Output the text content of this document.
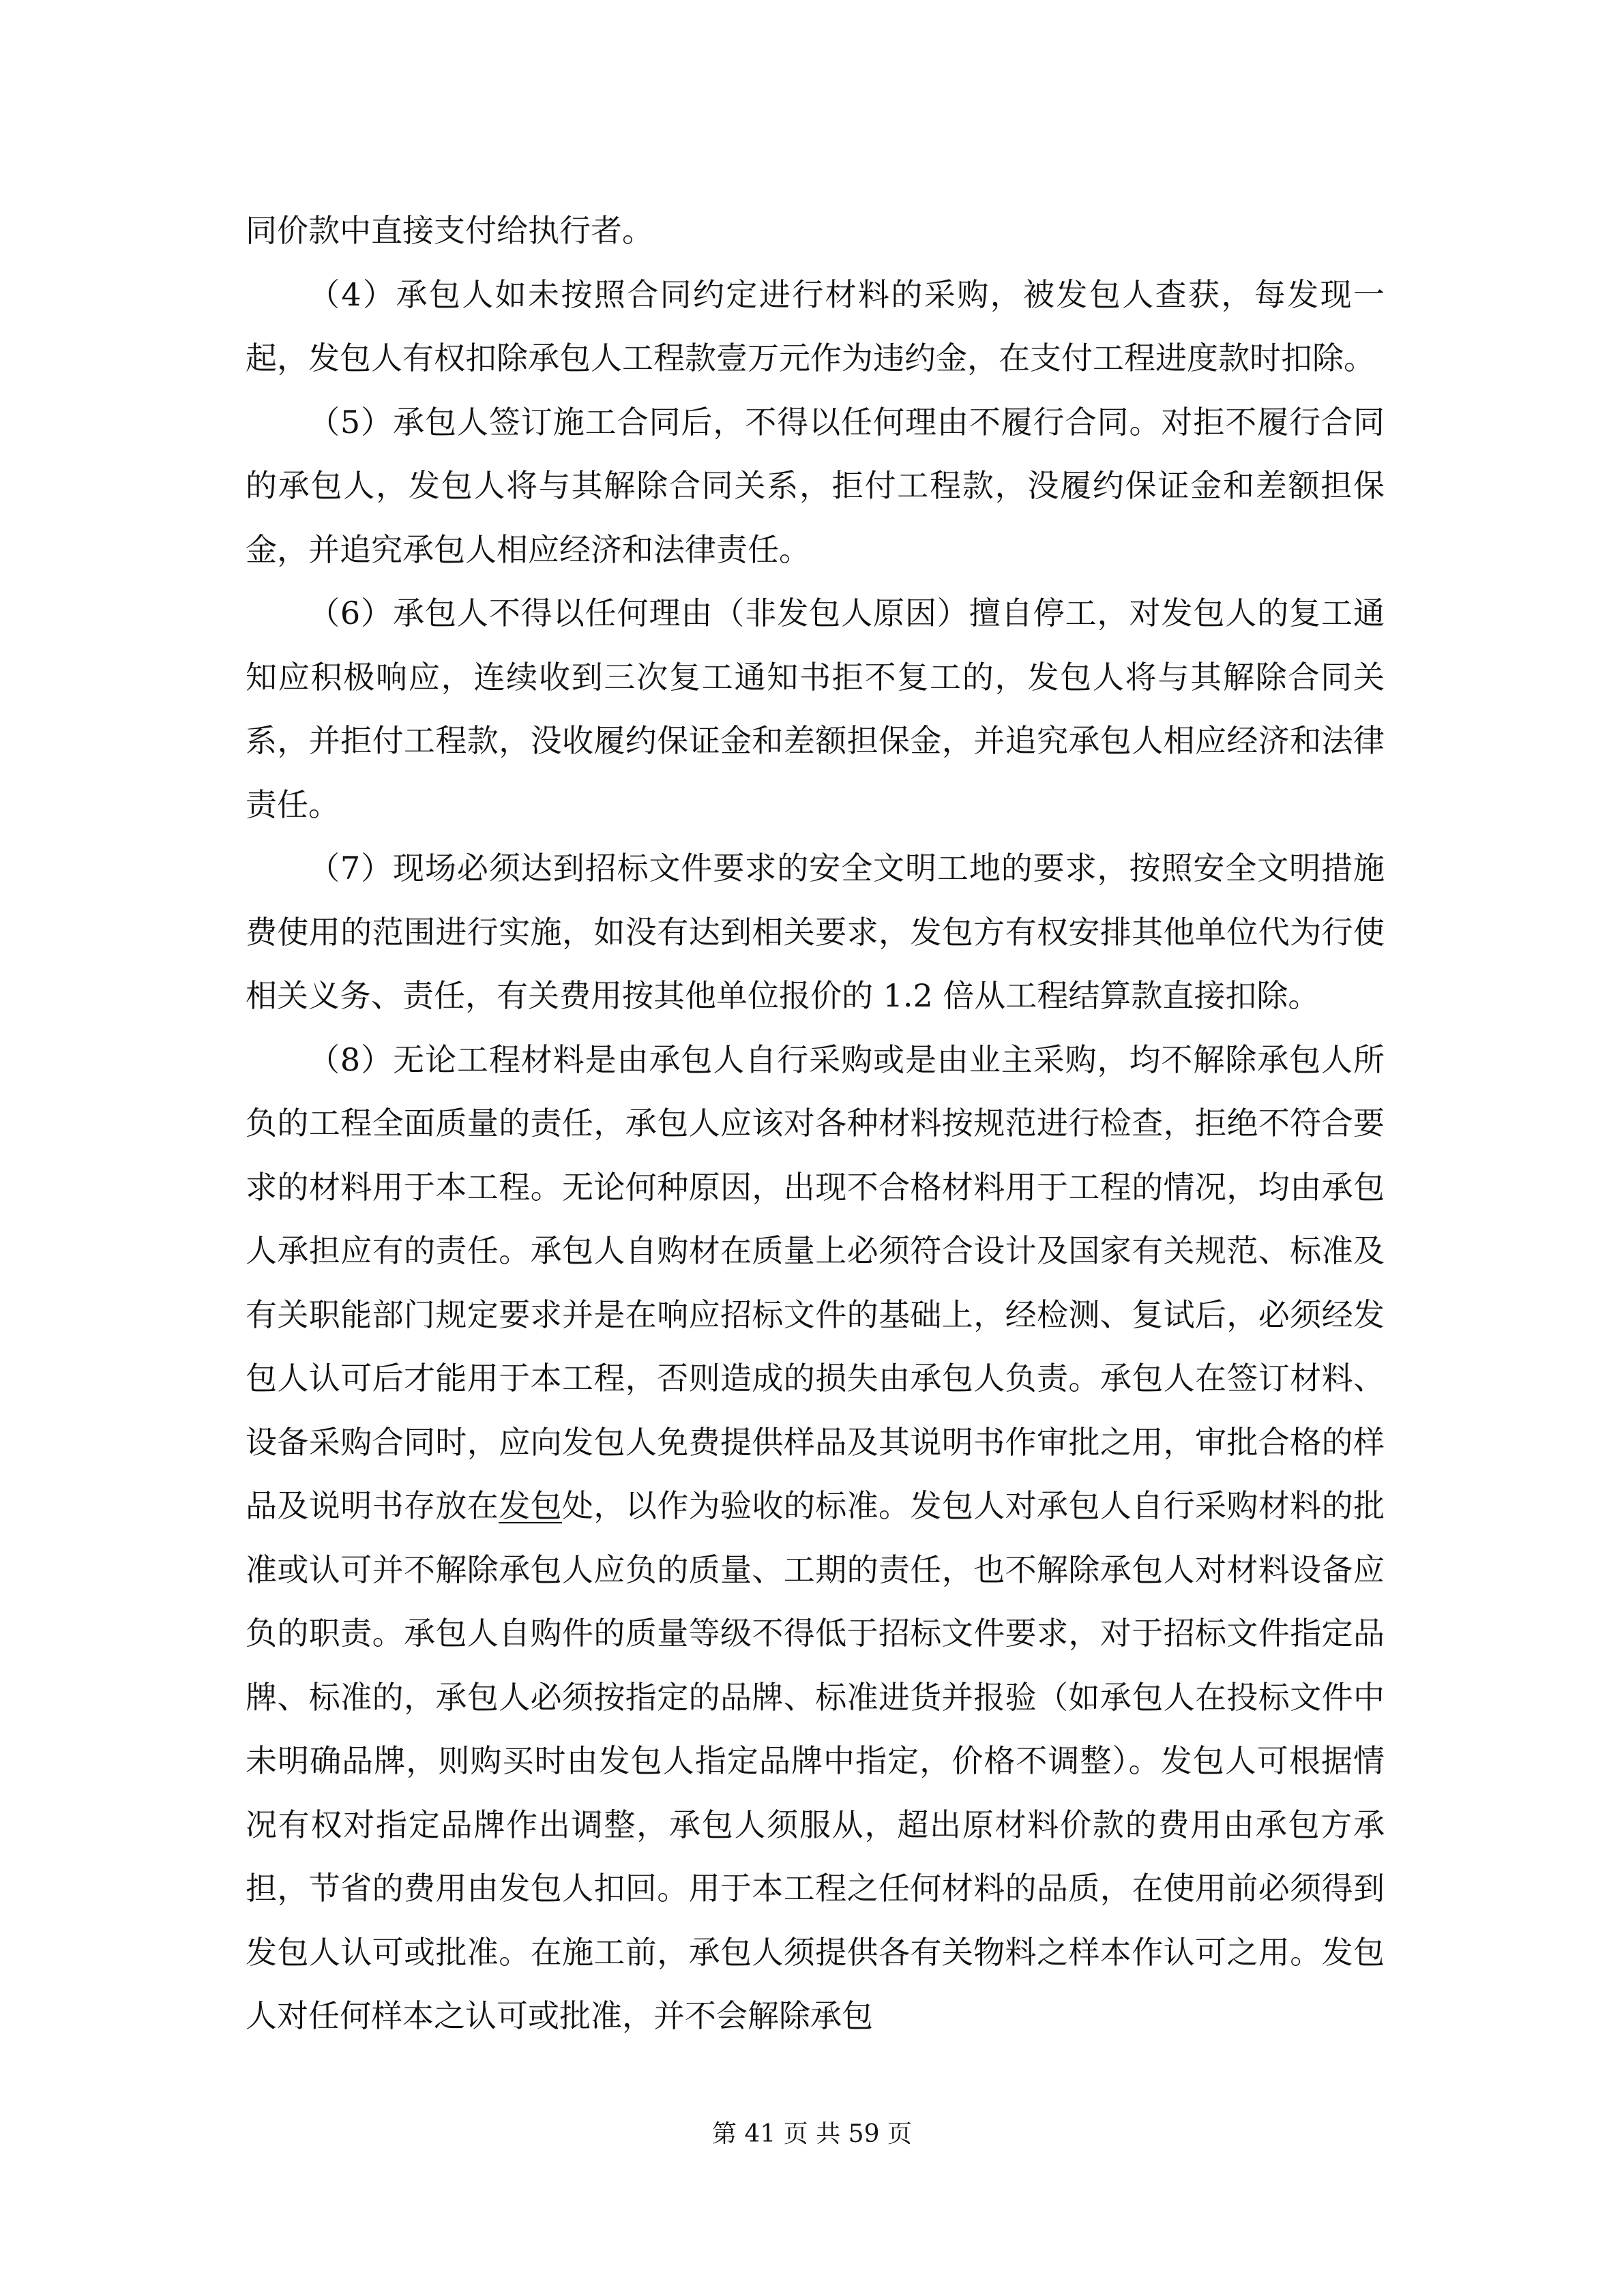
同价款中直接支付给执行者。

（4）承包人如未按照合同约定进行材料的采购，被发包人查获，每发现一起，发包人有权扣除承包人工程款壹万元作为违约金，在支付工程进度款时扣除。

（5）承包人签订施工合同后，不得以任何理由不履行合同。对拒不履行合同的承包人，发包人将与其解除合同关系，拒付工程款，没履约保证金和差额担保金，并追究承包人相应经济和法律责任。

（6）承包人不得以任何理由（非发包人原因）擅自停工，对发包人的复工通知应积极响应，连续收到三次复工通知书拒不复工的，发包人将与其解除合同关系，并拒付工程款，没收履约保证金和差额担保金，并追究承包人相应经济和法律责任。

（7）现场必须达到招标文件要求的安全文明工地的要求，按照安全文明措施费使用的范围进行实施，如没有达到相关要求，发包方有权安排其他单位代为行使相关义务、责任，有关费用按其他单位报价的 1.2 倍从工程结算款直接扣除。

（8）无论工程材料是由承包人自行采购或是由业主采购，均不解除承包人所负的工程全面质量的责任，承包人应该对各种材料按规范进行检查，拒绝不符合要求的材料用于本工程。无论何种原因，出现不合格材料用于工程的情况，均由承包人承担应有的责任。承包人自购材在质量上必须符合设计及国家有关规范、标准及有关职能部门规定要求并是在响应招标文件的基础上，经检测、复试后，必须经发包人认可后才能用于本工程，否则造成的损失由承包人负责。承包人在签订材料、设备采购合同时，应向发包人免费提供样品及其说明书作审批之用，审批合格的样品及说明书存放在发包处，以作为验收的标准。发包人对承包人自行采购材料的批准或认可并不解除承包人应负的质量、工期的责任，也不解除承包人对材料设备应负的职责。承包人自购件的质量等级不得低于招标文件要求，对于招标文件指定品牌、标准的，承包人必须按指定的品牌、标准进货并报验（如承包人在投标文件中未明确品牌，则购买时由发包人指定品牌中指定，价格不调整）。发包人可根据情况有权对指定品牌作出调整，承包人须服从，超出原材料价款的费用由承包方承担，节省的费用由发包人扣回。用于本工程之任何材料的品质，在使用前必须得到发包人认可或批准。在施工前，承包人须提供各有关物料之样本作认可之用。发包人对任何样本之认可或批准，并不会解除承包

第 41 页 共 59 页
